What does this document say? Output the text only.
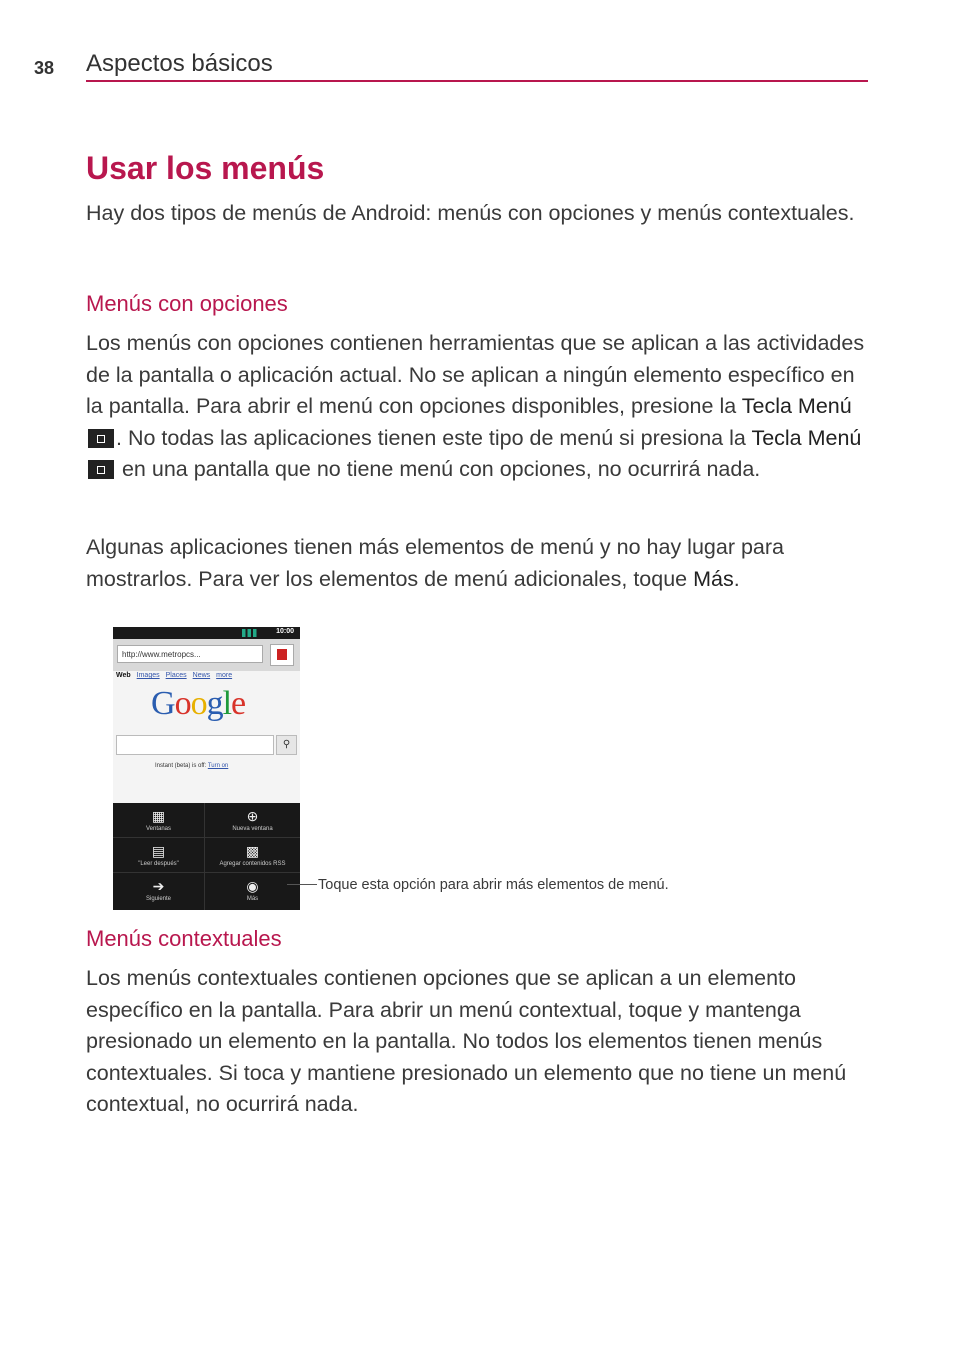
38 Aspectos básicos
Usar los menús

Hay dos tipos de menús de Android: menús con opciones y menús contextuales.

Menús con opciones

Los menús con opciones contienen herramientas que se aplican a las actividades de la pantalla o aplicación actual. No se aplican a ningún elemento específico en la pantalla. Para abrir el menú con opciones disponibles, presione la Tecla Menú . No todas las aplicaciones tienen este tipo de menú si presiona la Tecla Menú  en una pantalla que no tiene menú con opciones, no ocurrirá nada.

Algunas aplicaciones tienen más elementos de menú y no hay lugar para mostrarlos. Para ver los elementos de menú adicionales, toque Más.

10:00
http://www.metropcs...
Web Images Places News more
Google
⚲
Instant (beta) is off: Turn on
▦
Ventanas
⊕
Nueva ventana
▤
"Leer después"
▩
Agregar contenidos RSS
➔
Siguiente
◉
Más
Toque esta opción para abrir más elementos de menú.
Menús contextuales

Los menús contextuales contienen opciones que se aplican a un elemento específico en la pantalla. Para abrir un menú contextual, toque y mantenga presionado un elemento en la pantalla. No todos los elementos tienen menús contextuales. Si toca y mantiene presionado un elemento que no tiene un menú contextual, no ocurrirá nada.
